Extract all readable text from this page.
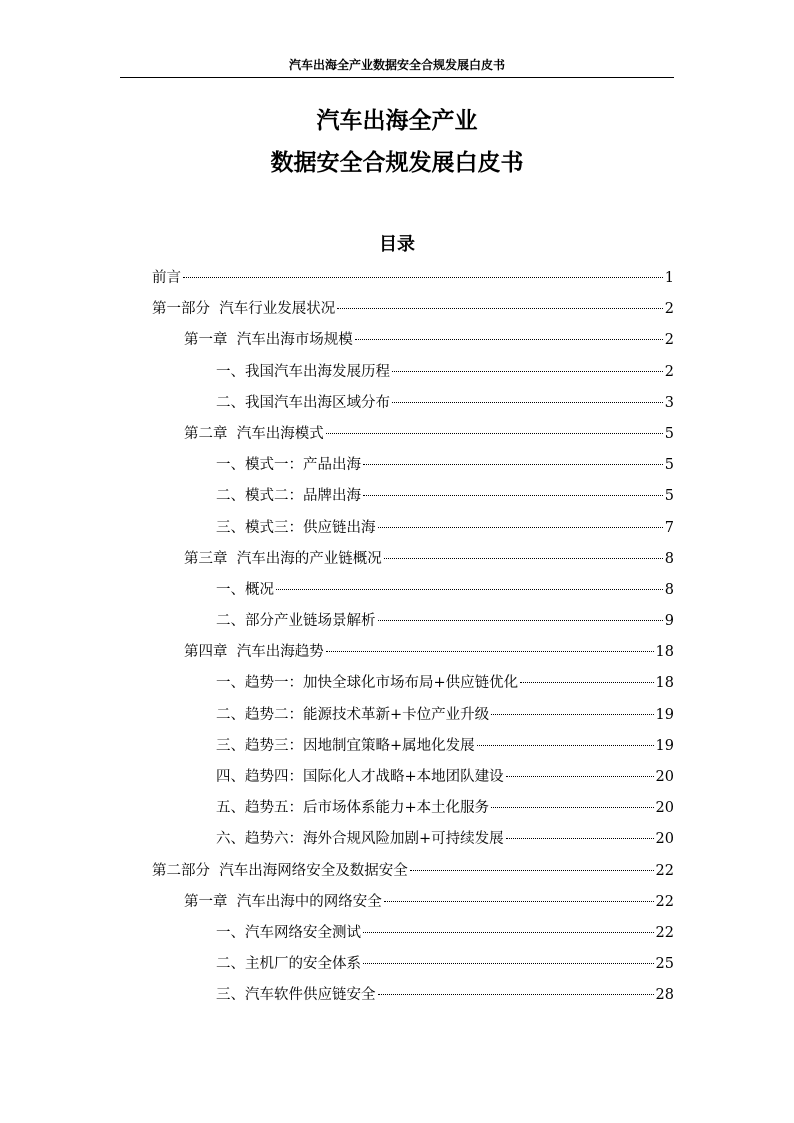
汽车出海全产业数据安全合规发展白皮书
汽车出海全产业
数据安全合规发展白皮书
目录
前言	1
第一部分  汽车行业发展状况	2
第一章  汽车出海市场规模	2
一、我国汽车出海发展历程	2
二、我国汽车出海区域分布	3
第二章  汽车出海模式	5
一、模式一：产品出海	5
二、模式二：品牌出海	5
三、模式三：供应链出海	7
第三章  汽车出海的产业链概况	8
一、概况	8
二、部分产业链场景解析	9
第四章  汽车出海趋势	18
一、趋势一：加快全球化市场布局+供应链优化	18
二、趋势二：能源技术革新+卡位产业升级	19
三、趋势三：因地制宜策略+属地化发展	19
四、趋势四：国际化人才战略+本地团队建设	20
五、趋势五：后市场体系能力+本土化服务	20
六、趋势六：海外合规风险加剧+可持续发展	20
第二部分  汽车出海网络安全及数据安全	22
第一章  汽车出海中的网络安全	22
一、汽车网络安全测试	22
二、主机厂的安全体系	25
三、汽车软件供应链安全	28
